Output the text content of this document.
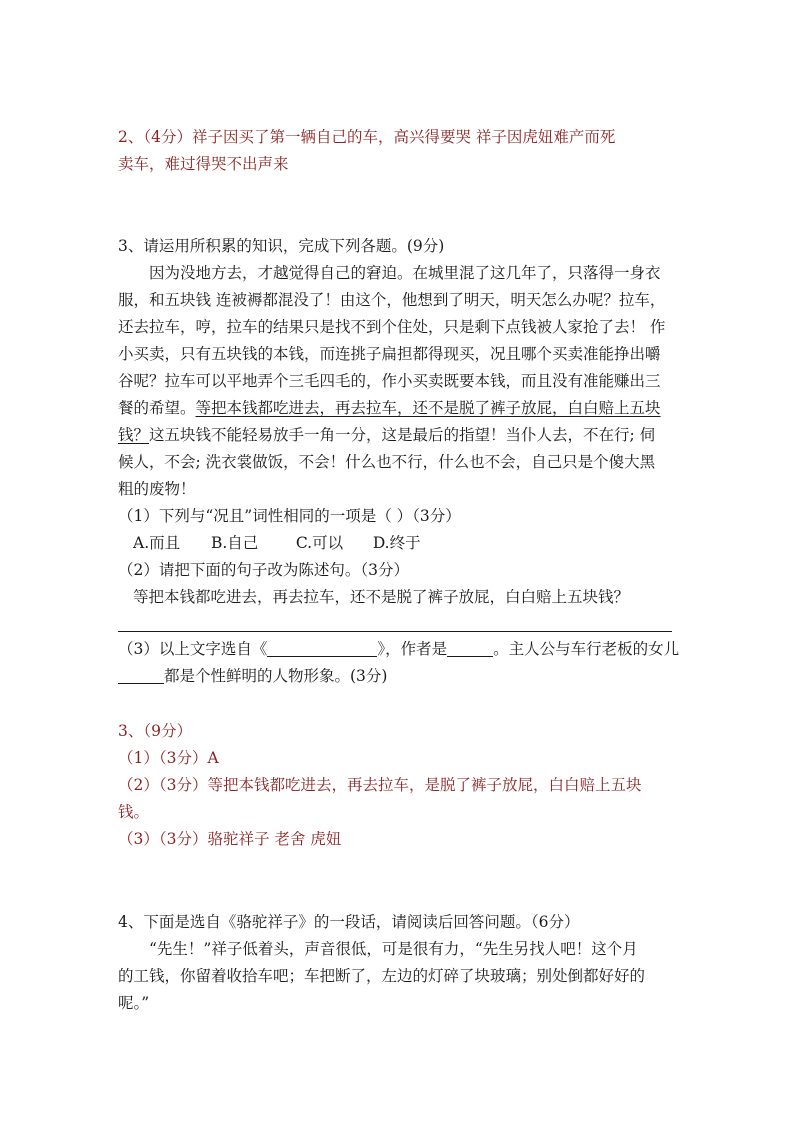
2、（4分）祥子因买了第一辆自己的车，高兴得要哭 祥子因虎妞难产而死
卖车，难过得哭不出声来
3、请运用所积累的知识，完成下列各题。(9分)
因为没地方去，才越觉得自己的窘迫。在城里混了这几年了，只落得一身衣
服，和五块钱 连被褥都混没了！由这个，他想到了明天，明天怎么办呢？拉车，
还去拉车，哼，拉车的结果只是找不到个住处，只是剩下点钱被人家抢了去！ 作
小买卖，只有五块钱的本钱，而连挑子扁担都得现买，况且哪个买卖准能挣出嚼
谷呢？拉车可以平地弄个三毛四毛的，作小买卖既要本钱，而且没有准能赚出三
餐的希望。等把本钱都吃进去，再去拉车，还不是脱了裤子放屁，白白赔上五块
钱？这五块钱不能轻易放手一角一分，这是最后的指望！当仆人去，不在行; 伺
候人，不会; 洗衣裳做饭，不会！什么也不行，什么也不会，自己只是个傻大黑
粗的废物！
（1）下列与“况且”词性相同的一项是（ ）（3分）
A.而且 B.自己 C.可以 D.终于
（2）请把下面的句子改为陈述句。（3分）
等把本钱都吃进去，再去拉车，还不是脱了裤子放屁，白白赔上五块钱？
（3）以上文字选自《	》，作者是	。主人公与车行老板的女儿
都是个性鲜明的人物形象。(3分)
3、（9分）
（1）（3分）A
（2）（3分）等把本钱都吃进去，再去拉车，是脱了裤子放屁，白白赔上五块
钱。
（3）（3分）骆驼祥子 老舍 虎妞
4、下面是选自《骆驼祥子》的一段话，请阅读后回答问题。（6分）
“先生！”祥子低着头，声音很低，可是很有力，“先生另找人吧！这个月
的工钱，你留着收拾车吧；车把断了，左边的灯碎了块玻璃；别处倒都好好的
呢。”
